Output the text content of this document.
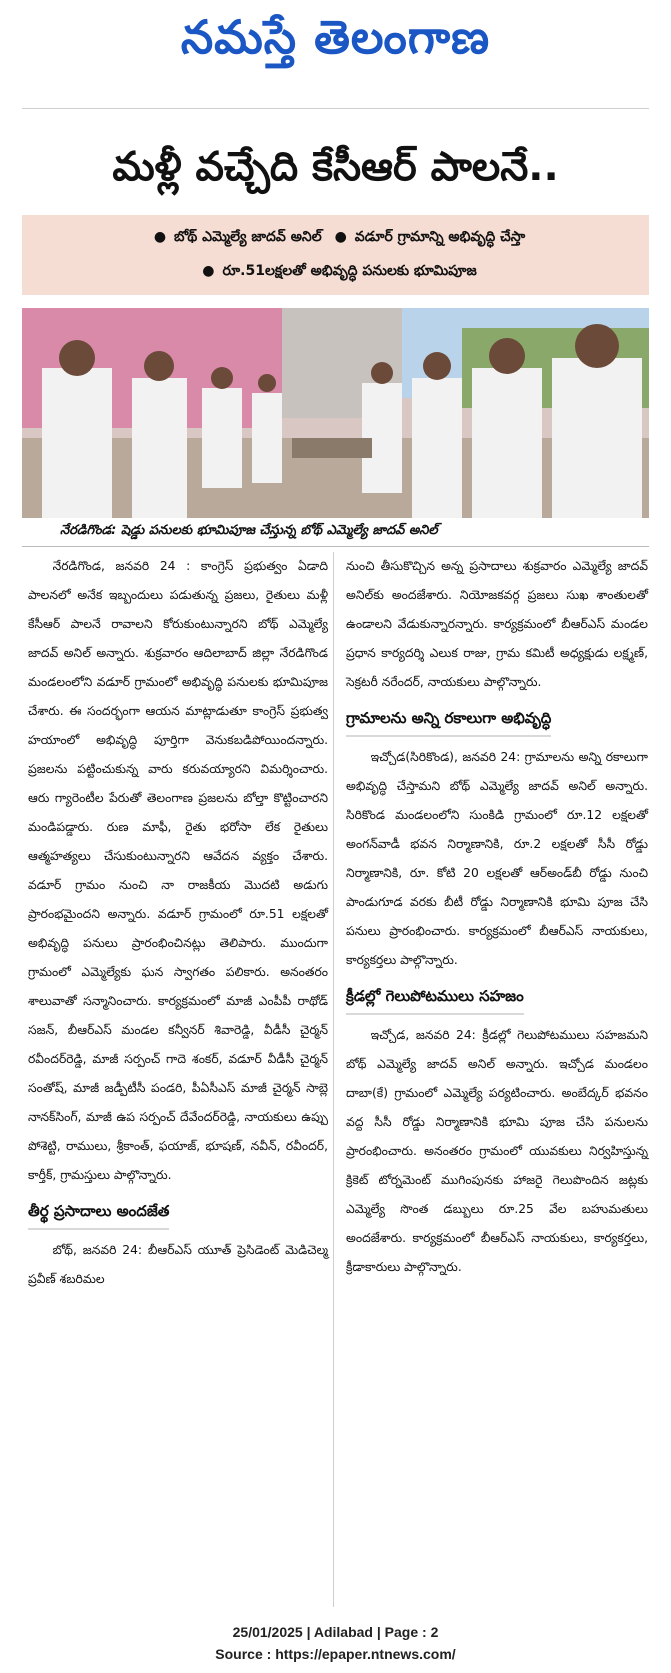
నమస్తే తెలంగాణ
మళ్లీ వచ్చేది కేసీఆర్ పాలనే..
● బోథ్ ఎమ్మెల్యే జాదవ్ అనిల్ ● వడూర్ గ్రామాన్ని అభివృద్ధి చేస్తా
● రూ.51లక్షలతో అభివృద్ధి పనులకు భూమిపూజ
నేరడిగొండ: షెడ్డు పనులకు భూమిపూజ చేస్తున్న బోథ్ ఎమ్మెల్యే జాదవ్ అనిల్

నేరడిగొండ, జనవరి 24 : కాంగ్రెస్ ప్రభుత్వం ఏడాది పాలనలో అనేక ఇబ్బందులు పడుతున్న ప్రజలు, రైతులు మళ్లీ కేసీఆర్ పాలనే రావాలని కోరుకుంటున్నారని బోథ్ ఎమ్మెల్యే జాదవ్ అనిల్ అన్నారు. శుక్రవారం ఆదిలాబాద్ జిల్లా నేరడిగొండ మండలంలోని వడూర్ గ్రామంలో అభివృద్ధి పనులకు భూమిపూజ చేశారు. ఈ సందర్భంగా ఆయన మాట్లాడుతూ కాంగ్రెస్ ప్రభుత్వ హయాంలో అభివృద్ధి పూర్తిగా వెనుకబడిపోయిందన్నారు. ప్రజలను పట్టించుకున్న వారు కరువయ్యారని విమర్శించారు. ఆరు గ్యారెంటీల పేరుతో తెలంగాణ ప్రజలను బోల్తా కొట్టించారని మండిపడ్డారు. రుణ మాఫీ, రైతు భరోసా లేక రైతులు ఆత్మహత్యలు చేసుకుంటున్నారని ఆవేదన వ్యక్తం చేశారు. వడూర్ గ్రామం నుంచి నా రాజకీయ మొదటి అడుగు ప్రారంభమైందని అన్నారు. వడూర్ గ్రామంలో రూ.51 లక్షలతో అభివృద్ధి పనులు ప్రారంభించినట్లు తెలిపారు. ముందుగా గ్రామంలో ఎమ్మెల్యేకు ఘన స్వాగతం పలికారు. అనంతరం శాలువాతో సన్మానించారు. కార్యక్రమంలో మాజీ ఎంపీపీ రాథోడ్ సజన్, బీఆర్ఎస్ మండల కన్వీనర్ శివారెడ్డి, వీడీసీ చైర్మన్ రవీందర్‌రెడ్డి, మాజీ సర్పంచ్ గాదె శంకర్, వడూర్ వీడీసీ చైర్మన్ సంతోష్, మాజీ జడ్పీటీసీ పండరి, పీఏసీఎస్ మాజీ చైర్మన్ సాబ్లె నానక్‌సింగ్, మాజీ ఉప సర్పంచ్ దేవేందర్‌రెడ్డి, నాయకులు ఉప్పు పోశెట్టి, రాములు, శ్రీకాంత్, ఫయాజ్, భూషణ్, నవీన్, రవీందర్, కార్తీక్, గ్రామస్తులు పాల్గొన్నారు.

తీర్థ ప్రసాదాలు అందజేత

బోథ్, జనవరి 24: బీఆర్ఎస్ యూత్ ప్రెసిడెంట్ మెడిచెల్మ ప్రవీణ్ శబరిమల

నుంచి తీసుకొచ్చిన అన్న ప్రసాదాలు శుక్రవారం ఎమ్మెల్యే జాదవ్ అనిల్‌కు అందజేశారు. నియోజకవర్గ ప్రజలు సుఖ శాంతులతో ఉండాలని వేడుకున్నారన్నారు. కార్యక్రమంలో బీఆర్ఎస్ మండల ప్రధాన కార్యదర్శి ఎలుక రాజు, గ్రామ కమిటీ అధ్యక్షుడు లక్ష్మణ్, సెక్రటరీ నరేందర్, నాయకులు పాల్గొన్నారు.

గ్రామాలను అన్ని రకాలుగా అభివృద్ధి

ఇచ్చోడ(సిరికొండ), జనవరి 24: గ్రామాలను అన్ని రకాలుగా అభివృద్ధి చేస్తామని బోథ్ ఎమ్మెల్యే జాదవ్ అనిల్ అన్నారు. సిరికొండ మండలంలోని సుంకిడి గ్రామంలో రూ.12 లక్షలతో అంగన్‌వాడీ భవన నిర్మాణానికి, రూ.2 లక్షలతో సీసీ రోడ్డు నిర్మాణానికి, రూ. కోటి 20 లక్షలతో ఆర్‌అండ్‌బీ రోడ్డు నుంచి పాండుగూడ వరకు బీటీ రోడ్డు నిర్మాణానికి భూమి పూజ చేసి పనులు ప్రారంభించారు. కార్యక్రమంలో బీఆర్ఎస్ నాయకులు, కార్యకర్తలు పాల్గొన్నారు.

క్రీడల్లో గెలుపోటములు సహజం

ఇచ్చోడ, జనవరి 24: క్రీడల్లో గెలుపోటములు సహజమని బోథ్ ఎమ్మెల్యే జాదవ్ అనిల్ అన్నారు. ఇచ్చోడ మండలం దాబా(కే) గ్రామంలో ఎమ్మెల్యే పర్యటించారు. అంబేద్కర్ భవనం వద్ద సీసీ రోడ్డు నిర్మాణానికి భూమి పూజ చేసి పనులను ప్రారంభించారు. అనంతరం గ్రామంలో యువకులు నిర్వహిస్తున్న క్రికెట్ టోర్నమెంట్ ముగింపునకు హాజరై గెలుపొందిన జట్లకు ఎమ్మెల్యే సొంత డబ్బులు రూ.25 వేల బహుమతులు అందజేశారు. కార్యక్రమంలో బీఆర్ఎస్ నాయకులు, కార్యకర్తలు, క్రీడాకారులు పాల్గొన్నారు.

25/01/2025 | Adilabad | Page : 2
Source : https://epaper.ntnews.com/
